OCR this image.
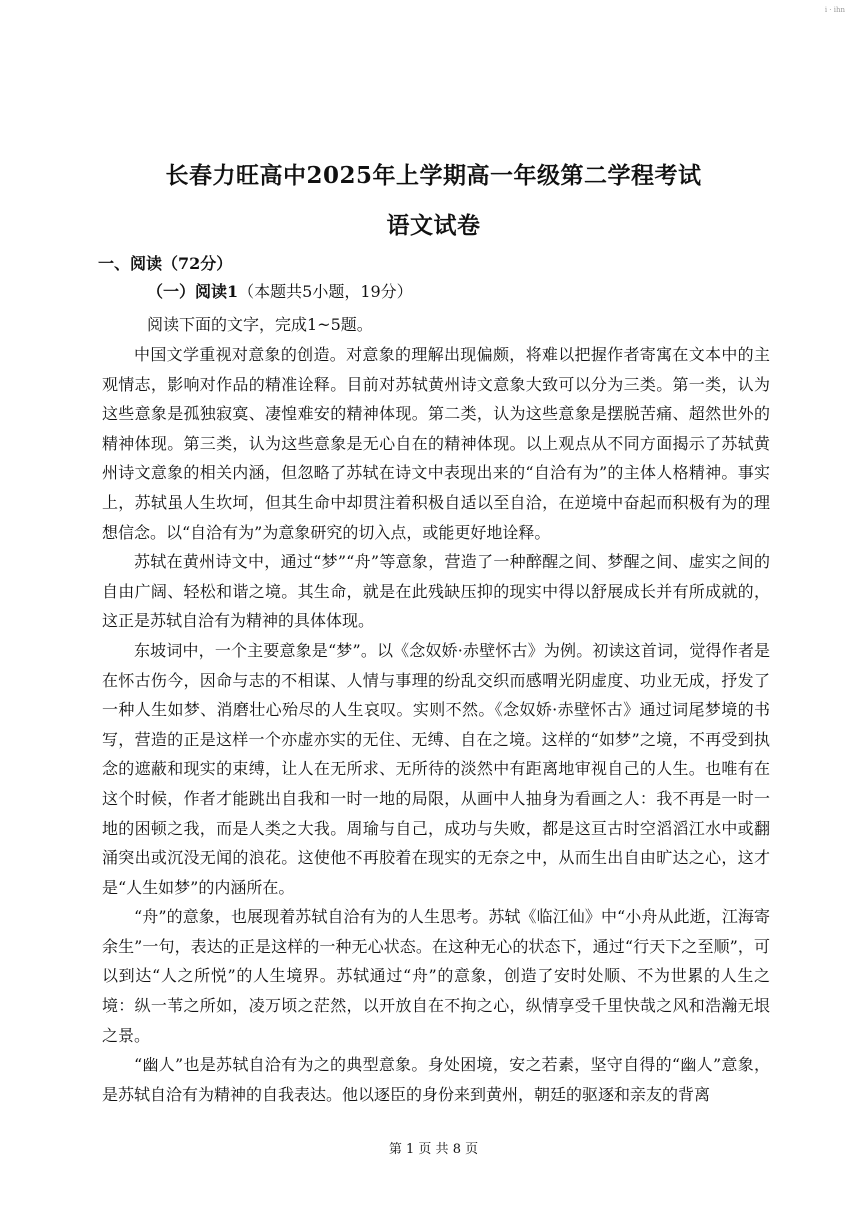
i · ihn
长春力旺高中2025年上学期高一年级第二学程考试
语文试卷
一、阅读（72分）
（一）阅读1（本题共5小题，19分）
阅读下面的文字，完成1~5题。

中国文学重视对意象的创造。对意象的理解出现偏颇，将难以把握作者寄寓在文本中的主观情志，影响对作品的精准诠释。目前对苏轼黄州诗文意象大致可以分为三类。第一类，认为这些意象是孤独寂寞、凄惶难安的精神体现。第二类，认为这些意象是摆脱苦痛、超然世外的精神体现。第三类，认为这些意象是无心自在的精神体现。以上观点从不同方面揭示了苏轼黄州诗文意象的相关内涵，但忽略了苏轼在诗文中表现出来的“自洽有为”的主体人格精神。事实上，苏轼虽人生坎坷，但其生命中却贯注着积极自适以至自洽，在逆境中奋起而积极有为的理想信念。以“自洽有为”为意象研究的切入点，或能更好地诠释。

苏轼在黄州诗文中，通过“梦”“舟”等意象，营造了一种醉醒之间、梦醒之间、虚实之间的自由广阔、轻松和谐之境。其生命，就是在此残缺压抑的现实中得以舒展成长并有所成就的，这正是苏轼自洽有为精神的具体体现。

东坡词中，一个主要意象是“梦”。以《念奴娇·赤壁怀古》为例。初读这首词，觉得作者是在怀古伤今，因命与志的不相谋、人情与事理的纷乱交织而感喟光阴虚度、功业无成，抒发了一种人生如梦、消磨壮心殆尽的人生哀叹。实则不然。《念奴娇·赤壁怀古》通过词尾梦境的书写，营造的正是这样一个亦虚亦实的无住、无缚、自在之境。这样的“如梦”之境，不再受到执念的遮蔽和现实的束缚，让人在无所求、无所待的淡然中有距离地审视自己的人生。也唯有在这个时候，作者才能跳出自我和一时一地的局限，从画中人抽身为看画之人：我不再是一时一地的困顿之我，而是人类之大我。周瑜与自己，成功与失败，都是这亘古时空滔滔江水中或翻涌突出或沉没无闻的浪花。这使他不再胶着在现实的无奈之中，从而生出自由旷达之心，这才是“人生如梦”的内涵所在。

“舟”的意象，也展现着苏轼自洽有为的人生思考。苏轼《临江仙》中“小舟从此逝，江海寄余生”一句，表达的正是这样的一种无心状态。在这种无心的状态下，通过“行天下之至顺”，可以到达“人之所悦”的人生境界。苏轼通过“舟”的意象，创造了安时处顺、不为世累的人生之境：纵一苇之所如，凌万顷之茫然，以开放自在不拘之心，纵情享受千里快哉之风和浩瀚无垠之景。

“幽人”也是苏轼自洽有为之的典型意象。身处困境，安之若素，坚守自得的“幽人”意象，是苏轼自洽有为精神的自我表达。他以逐臣的身份来到黄州，朝廷的驱逐和亲友的背离

第 1 页 共 8 页
